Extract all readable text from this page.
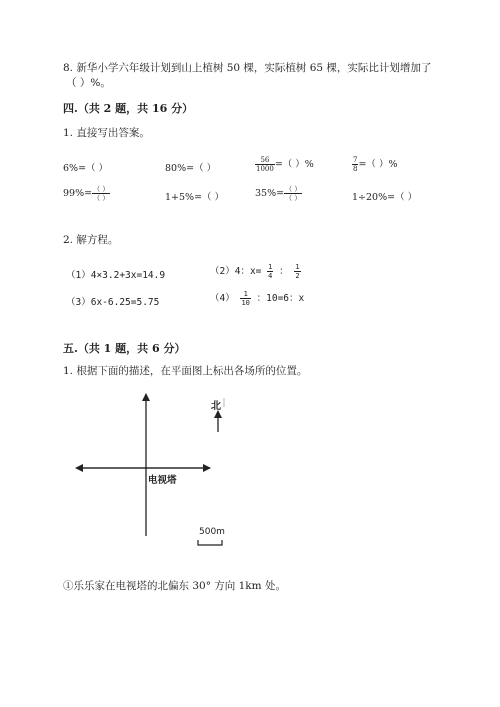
8. 新华小学六年级计划到山上植树 50 棵，实际植树 65 棵，实际比计划增加了
（ ）%。
四.（共 2 题，共 16 分）
1. 直接写出答案。
6%=（ ）	80%=（ ）	$\frac{56}{1000}$ =（ ）%	$\frac{7}{8}$ =（ ）%
$99\%= \frac{( )}{( )}$	1+5%=（ ）	$35\%= \frac{( )}{( )}$	1÷20%=（ ）
2. 解方程。
（1）4×3.2+3x=14.9	（2）4：$x= \frac{1}{4}$ ： $\frac{1}{2}$
（3）6x-6.25=5.75	$(4) \frac{1}{10}$ ：10=6：x
五.（共 1 题，共 6 分）
1. 根据下面的描述，在平面图上标出各场所的位置。
北
电视塔
500m
①乐乐家在电视塔的北偏东 30° 方向 1km 处。
